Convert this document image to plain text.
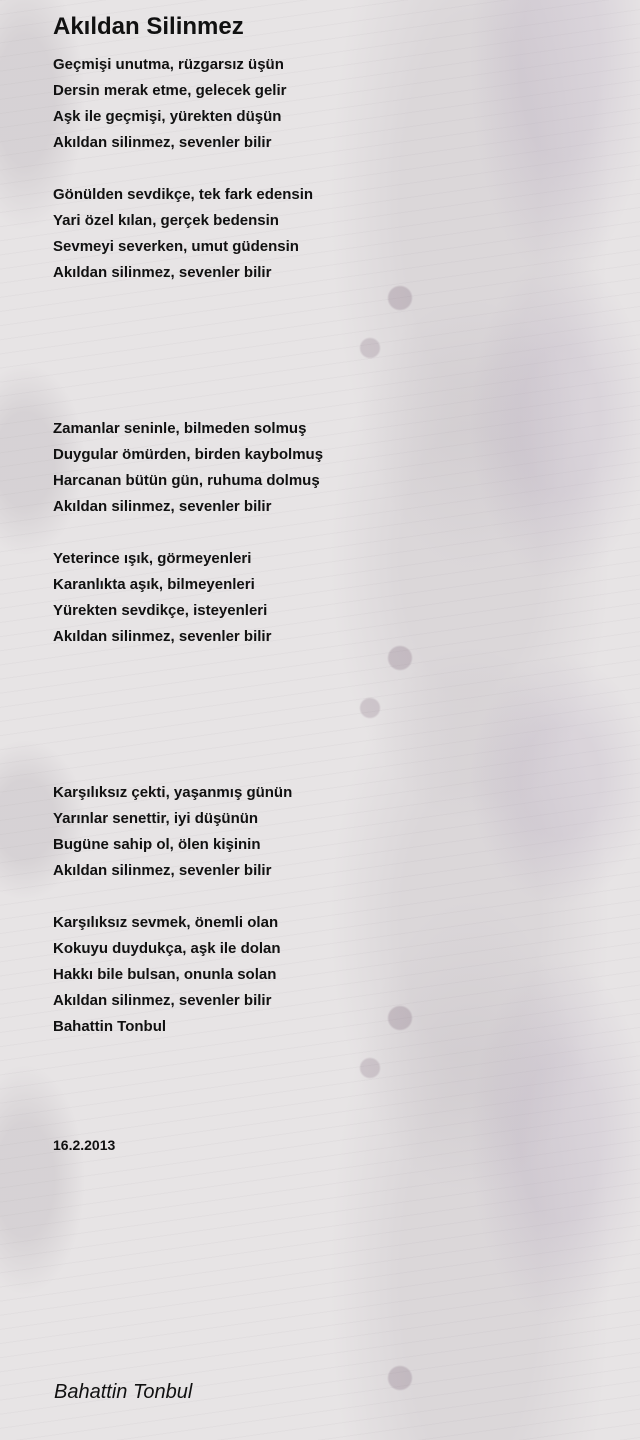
Akıldan Silinmez

Geçmişi unutma, rüzgarsız üşün
Dersin merak etme, gelecek gelir
Aşk ile geçmişi, yürekten düşün
Akıldan silinmez, sevenler bilir

Gönülden sevdikçe, tek fark edensin
Yari özel kılan, gerçek bedensin
Sevmeyi severken, umut güdensin
Akıldan silinmez, sevenler bilir

Zamanlar seninle, bilmeden solmuş
Duygular ömürden, birden kaybolmuş
Harcanan bütün gün, ruhuma dolmuş
Akıldan silinmez, sevenler bilir

Yeterince ışık, görmeyenleri
Karanlıkta aşık, bilmeyenleri
Yürekten sevdikçe, isteyenleri
Akıldan silinmez, sevenler bilir

Karşılıksız çekti, yaşanmış günün
Yarınlar senettir, iyi düşünün
Bugüne sahip ol, ölen kişinin
Akıldan silinmez, sevenler bilir

Karşılıksız sevmek, önemli olan
Kokuyu duydukça, aşk ile dolan
Hakkı bile bulsan, onunla solan
Akıldan silinmez, sevenler bilir
Bahattin Tonbul

16.2.2013
Bahattin Tonbul
